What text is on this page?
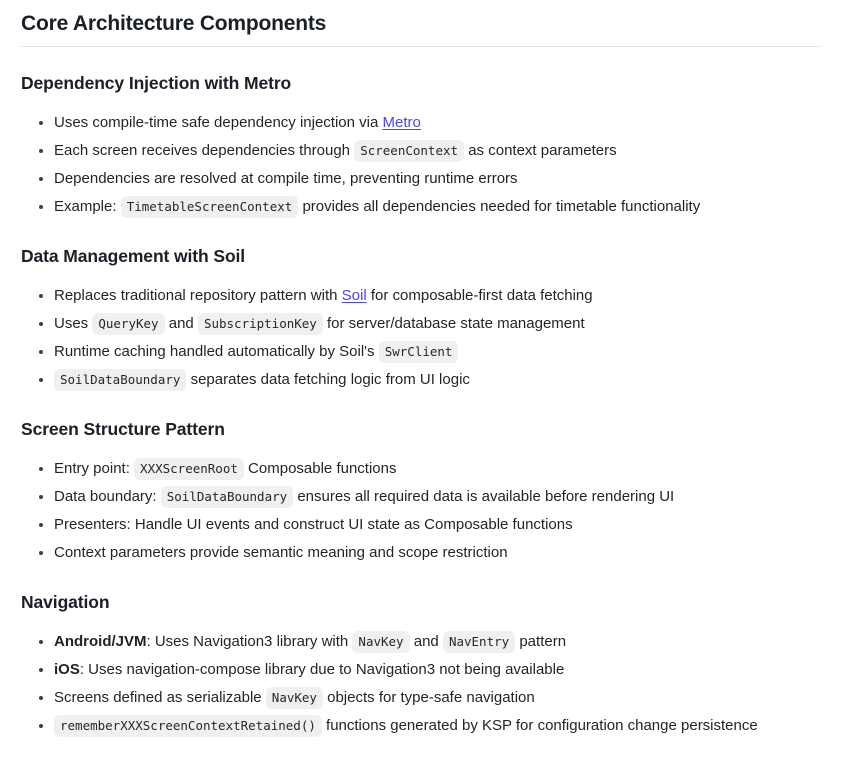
Core Architecture Components
Dependency Injection with Metro
• Uses compile-time safe dependency injection via Metro
• Each screen receives dependencies through ScreenContext as context parameters
• Dependencies are resolved at compile time, preventing runtime errors
• Example: TimetableScreenContext provides all dependencies needed for timetable functionality
Data Management with Soil
• Replaces traditional repository pattern with Soil for composable-first data fetching
• Uses QueryKey and SubscriptionKey for server/database state management
• Runtime caching handled automatically by Soil's SwrClient
• SoilDataBoundary separates data fetching logic from UI logic
Screen Structure Pattern
• Entry point: XXXScreenRoot Composable functions
• Data boundary: SoilDataBoundary ensures all required data is available before rendering UI
• Presenters: Handle UI events and construct UI state as Composable functions
• Context parameters provide semantic meaning and scope restriction
Navigation
• Android/JVM: Uses Navigation3 library with NavKey and NavEntry pattern
• iOS: Uses navigation-compose library due to Navigation3 not being available
• Screens defined as serializable NavKey objects for type-safe navigation
• rememberXXXScreenContextRetained() functions generated by KSP for configuration change persistence
